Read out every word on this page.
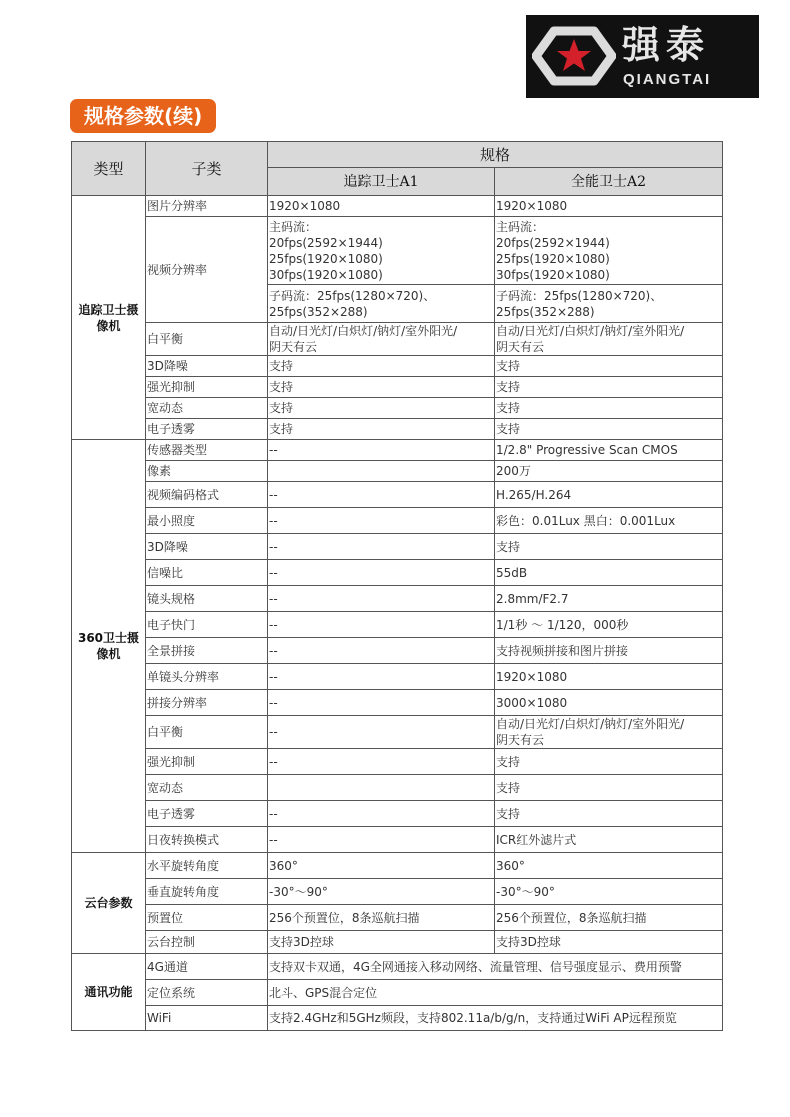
强泰
QIANGTAI
规格参数(续)
类型	子类	规格	
		追踪卫士A1	全能卫士A2
追踪卫士摄像机	图片分辨率	1920×1080	1920×1080
	视频分辨率	主码流：
20fps(2592×1944)
25fps(1920×1080)
30fps(1920×1080)	主码流：
20fps(2592×1944)
25fps(1920×1080)
30fps(1920×1080)
		子码流：25fps(1280×720)、
25fps(352×288)	子码流：25fps(1280×720)、
25fps(352×288)
	白平衡	自动/日光灯/白炽灯/钠灯/室外阳光/
阴天有云	自动/日光灯/白炽灯/钠灯/室外阳光/
阴天有云
	3D降噪	支持	支持
	强光抑制	支持	支持
	宽动态	支持	支持
	电子透雾	支持	支持
360卫士摄像机	传感器类型	--	1/2.8" Progressive Scan CMOS
	像素		200万
	视频编码格式	--	H.265/H.264
	最小照度	--	彩色：0.01Lux 黑白：0.001Lux
	3D降噪	--	支持
	信噪比	--	55dB
	镜头规格	--	2.8mm/F2.7
	电子快门	--	1/1秒 ～ 1/120，000秒
	全景拼接	--	支持视频拼接和图片拼接
	单镜头分辨率	--	1920×1080
	拼接分辨率	--	3000×1080
	白平衡	--	自动/日光灯/白炽灯/钠灯/室外阳光/
阴天有云
	强光抑制	--	支持
	宽动态		支持
	电子透雾	--	支持
	日夜转换模式	--	ICR红外滤片式
云台参数	水平旋转角度	360°	360°
	垂直旋转角度	-30°～90°	-30°～90°
	预置位	256个预置位，8条巡航扫描	256个预置位，8条巡航扫描
	云台控制	支持3D控球	支持3D控球
通讯功能	4G通道	支持双卡双通，4G全网通接入移动网络、流量管理、信号强度显示、费用预警	
	定位系统	北斗、GPS混合定位	
	WiFi	支持2.4GHz和5GHz频段，支持802.11a/b/g/n，支持通过WiFi AP远程预览	
